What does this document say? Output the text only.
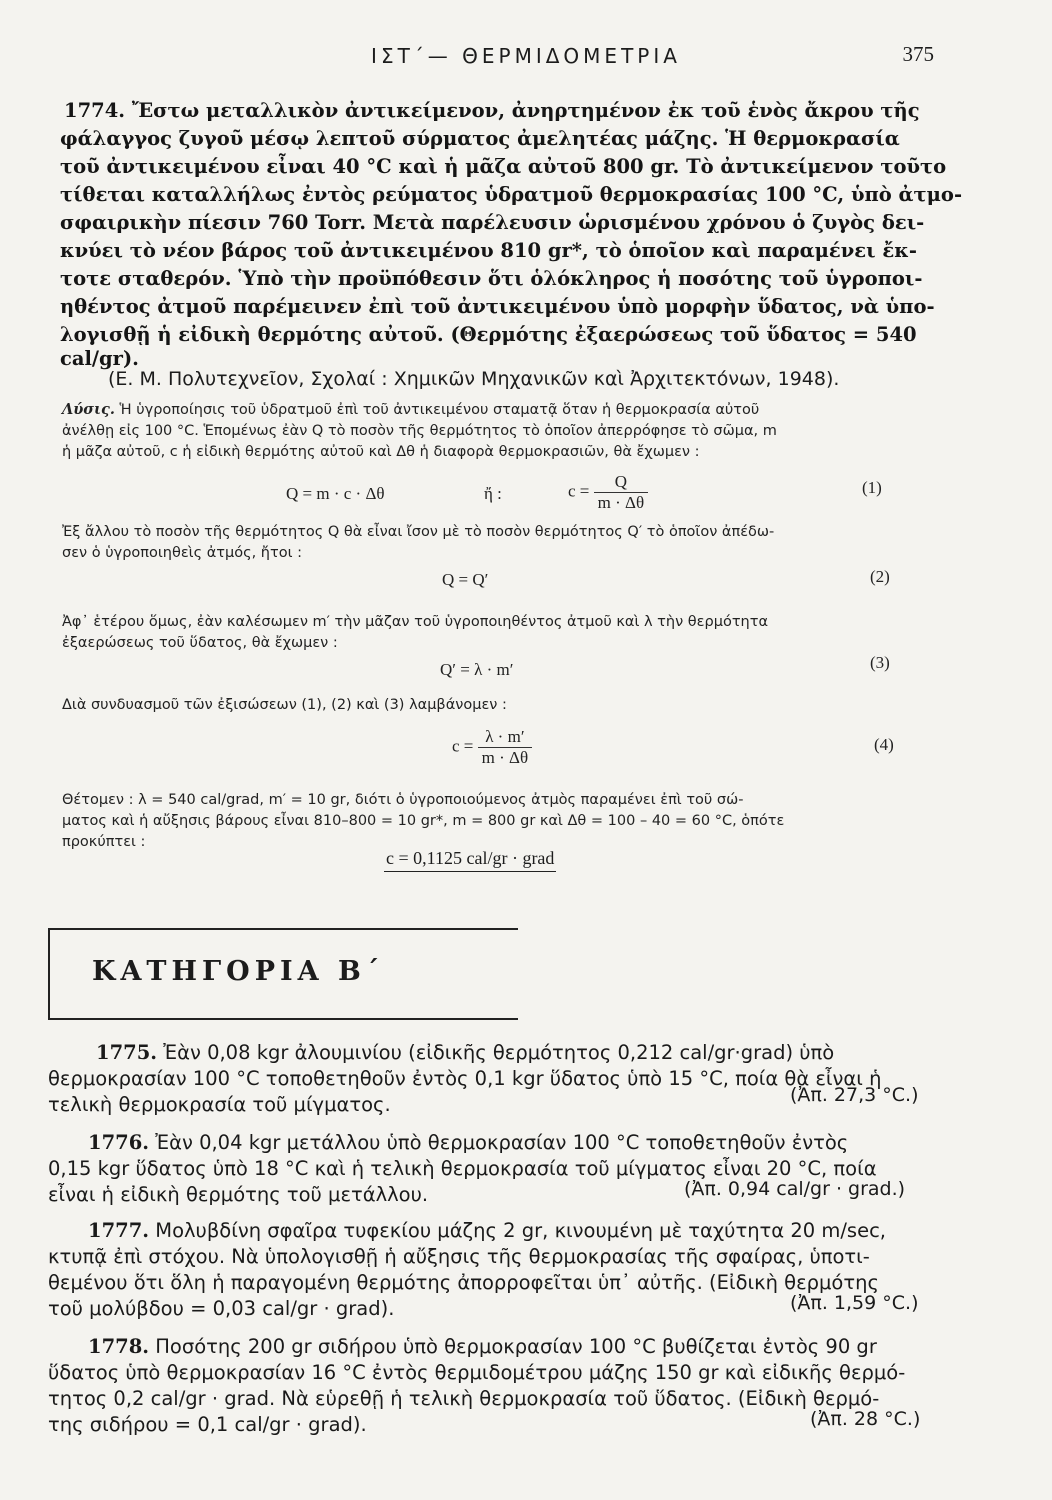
ΙΣΤ΄— ΘΕΡΜΙΔΟΜΕΤΡΙΑ	375
1774. Ἔστω μεταλλικὸν ἀντικείμενον, ἀνηρτημένον ἐκ τοῦ ἑνὸς ἄκρου τῆς
φάλαγγος ζυγοῦ μέσῳ λεπτοῦ σύρματος ἀμελητέας μάζης. Ἡ θερμοκρασία
τοῦ ἀντικειμένου εἶναι 40 °C καὶ ἡ μᾶζα αὐτοῦ 800 gr. Τὸ ἀντικείμενον τοῦτο
τίθεται καταλλήλως ἐντὸς ρεύματος ὑδρατμοῦ θερμοκρασίας 100 °C, ὑπὸ ἀτμο-
σφαιρικὴν πίεσιν 760 Torr. Μετὰ παρέλευσιν ὡρισμένου χρόνου ὁ ζυγὸς δει-
κνύει τὸ νέον βάρος τοῦ ἀντικειμένου 810 gr*, τὸ ὁποῖον καὶ παραμένει ἔκ-
τοτε σταθερόν. Ὑπὸ τὴν προϋπόθεσιν ὅτι ὁλόκληρος ἡ ποσότης τοῦ ὑγροποι-
ηθέντος ἀτμοῦ παρέμεινεν ἐπὶ τοῦ ἀντικειμένου ὑπὸ μορφὴν ὕδατος, νὰ ὑπο-
λογισθῇ ἡ εἰδικὴ θερμότης αὐτοῦ. (Θερμότης ἐξαερώσεως τοῦ ὕδατος = 540
cal/gr).
(Ε. Μ. Πολυτεχνεῖον, Σχολαί : Χημικῶν Μηχανικῶν καὶ Ἀρχιτεκτόνων, 1948).
Λύσις. Ἡ ὑγροποίησις τοῦ ὑδρατμοῦ ἐπὶ τοῦ ἀντικειμένου σταματᾷ ὅταν ἡ θερμοκρασία αὐτοῦ
ἀνέλθῃ εἰς 100 °C. Ἑπομένως ἐὰν Q τὸ ποσὸν τῆς θερμότητος τὸ ὁποῖον ἀπερρόφησε τὸ σῶμα, m
ἡ μᾶζα αὐτοῦ, c ἡ εἰδικὴ θερμότης αὐτοῦ καὶ Δθ ἡ διαφορὰ θερμοκρασιῶν, θὰ ἔχωμεν :
Q = m · c · Δθ	ἤ :	$c = \frac{Q}{m \cdot \Delta\theta}$	(1)
Ἐξ ἄλλου τὸ ποσὸν τῆς θερμότητος Q θὰ εἶναι ἴσον μὲ τὸ ποσὸν θερμότητος Q′ τὸ ὁποῖον ἀπέδω-
σεν ὁ ὑγροποιηθεὶς ἀτμός, ἤτοι :
Q = Q′	(2)
Ἀφ᾽ ἑτέρου ὅμως, ἐὰν καλέσωμεν m′ τὴν μᾶζαν τοῦ ὑγροποιηθέντος ἀτμοῦ καὶ λ τὴν θερμότητα
ἐξαερώσεως τοῦ ὕδατος, θὰ ἔχωμεν :
Q′ = λ · m′	(3)
Διὰ συνδυασμοῦ τῶν ἐξισώσεων (1), (2) καὶ (3) λαμβάνομεν :
$c = \frac{\lambda \cdot m'}{m \cdot \Delta\theta}$	(4)
Θέτομεν : λ = 540 cal/grad, m′ = 10 gr, διότι ὁ ὑγροποιούμενος ἀτμὸς παραμένει ἐπὶ τοῦ σώ-
ματος καὶ ἡ αὔξησις βάρους εἶναι 810–800 = 10 gr*, m = 800 gr καὶ Δθ = 100 – 40 = 60 °C, ὁπότε
προκύπτει :
c = 0,1125 cal/gr · grad
ΚΑΤΗΓΟΡΙΑ Β΄
1775. Ἐὰν 0,08 kgr ἀλουμινίου (εἰδικῆς θερμότητος 0,212 cal/gr·grad) ὑπὸ
θερμοκρασίαν 100 °C τοποθετηθοῦν ἐντὸς 0,1 kgr ὕδατος ὑπὸ 15 °C, ποία θὰ εἶναι ἡ
τελικὴ θερμοκρασία τοῦ μίγματος.	(Ἀπ. 27,3 °C.)
1776. Ἐὰν 0,04 kgr μετάλλου ὑπὸ θερμοκρασίαν 100 °C τοποθετηθοῦν ἐντὸς
0,15 kgr ὕδατος ὑπὸ 18 °C καὶ ἡ τελικὴ θερμοκρασία τοῦ μίγματος εἶναι 20 °C, ποία
εἶναι ἡ εἰδικὴ θερμότης τοῦ μετάλλου.	(Ἀπ. 0,94 cal/gr · grad.)
1777. Μολυβδίνη σφαῖρα τυφεκίου μάζης 2 gr, κινουμένη μὲ ταχύτητα 20 m/sec,
κτυπᾷ ἐπὶ στόχου. Νὰ ὑπολογισθῇ ἡ αὔξησις τῆς θερμοκρασίας τῆς σφαίρας, ὑποτι-
θεμένου ὅτι ὅλη ἡ παραγομένη θερμότης ἀπορροφεῖται ὑπ᾽ αὐτῆς. (Εἰδικὴ θερμότης
τοῦ μολύβδου = 0,03 cal/gr · grad).	(Ἀπ. 1,59 °C.)
1778. Ποσότης 200 gr σιδήρου ὑπὸ θερμοκρασίαν 100 °C βυθίζεται ἐντὸς 90 gr
ὕδατος ὑπὸ θερμοκρασίαν 16 °C ἐντὸς θερμιδομέτρου μάζης 150 gr καὶ εἰδικῆς θερμό-
τητος 0,2 cal/gr · grad. Νὰ εὑρεθῇ ἡ τελικὴ θερμοκρασία τοῦ ὕδατος. (Εἰδικὴ θερμό-
της σιδήρου = 0,1 cal/gr · grad).	(Ἀπ. 28 °C.)
